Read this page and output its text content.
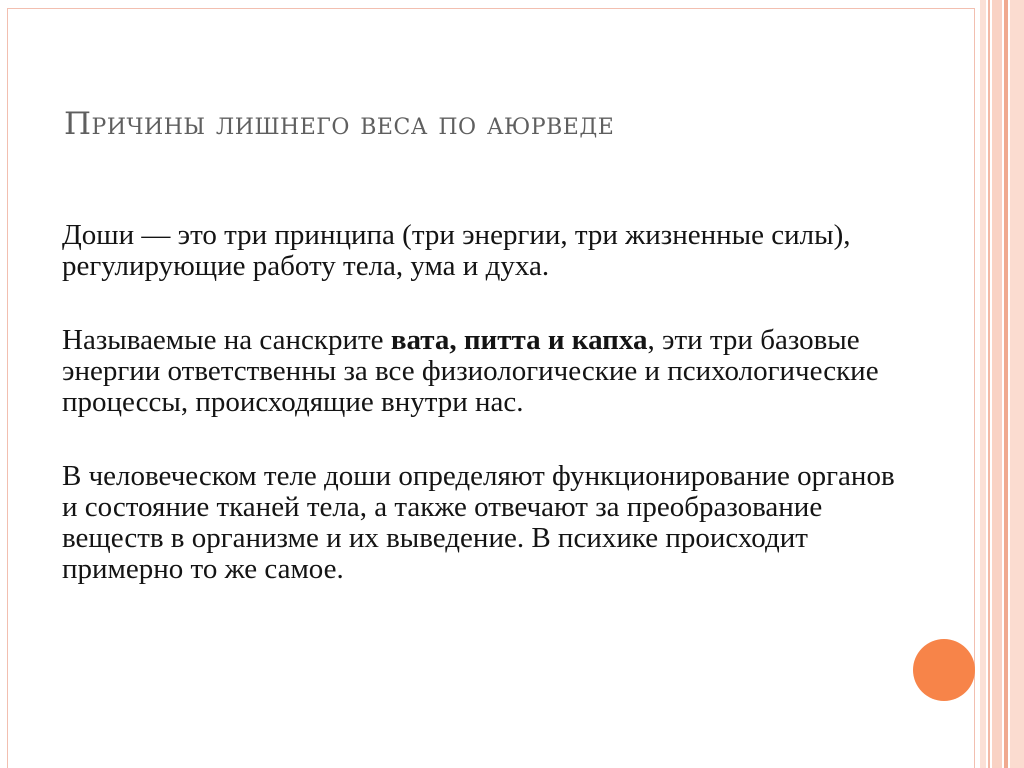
Причины лишнего веса по аюрведе

Доши — это три принципа (три энергии, три жизненные силы), регулирующие работу тела, ума и духа.

Называемые на санскрите вата, питта и капха, эти три базовые энергии ответственны за все физиологические и психологические процессы, происходящие внутри нас.

В человеческом теле доши определяют функционирование органов и состояние тканей тела, а также отвечают за преобразование веществ в организме и их выведение. В психике происходит примерно то же самое.
